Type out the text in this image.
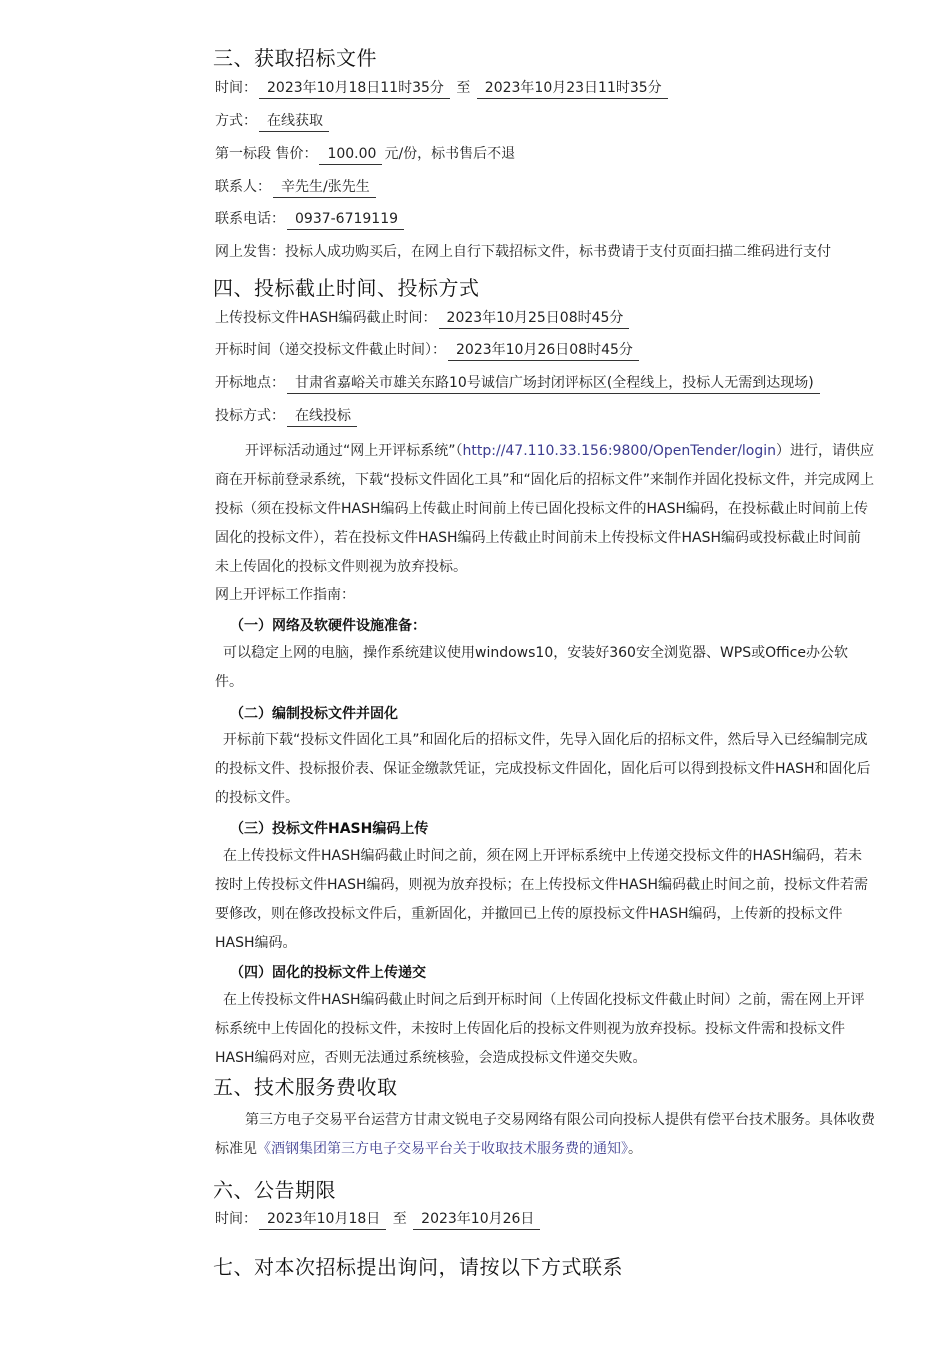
三、获取招标文件
时间： 2023年10月18日11时35分 至 2023年10月23日11时35分
方式： 在线获取
第一标段 售价： 100.00 元/份，标书售后不退
联系人： 辛先生/张先生
联系电话： 0937-6719119
网上发售：投标人成功购买后，在网上自行下载招标文件，标书费请于支付页面扫描二维码进行支付
四、投标截止时间、投标方式
上传投标文件HASH编码截止时间： 2023年10月25日08时45分
开标时间（递交投标文件截止时间）： 2023年10月26日08时45分
开标地点： 甘肃省嘉峪关市雄关东路10号诚信广场封闭评标区(全程线上，投标人无需到达现场)
投标方式： 在线投标

开评标活动通过“网上开评标系统”（http://47.110.33.156:9800/OpenTender/login）进行，请供应商在开标前登录系统，下载“投标文件固化工具”和“固化后的招标文件”来制作并固化投标文件，并完成网上投标（须在投标文件HASH编码上传截止时间前上传已固化投标文件的HASH编码，在投标截止时间前上传固化的投标文件），若在投标文件HASH编码上传截止时间前未上传投标文件HASH编码或投标截止时间前未上传固化的投标文件则视为放弃投标。

网上开评标工作指南：
（一）网络及软硬件设施准备：

可以稳定上网的电脑，操作系统建议使用windows10，安装好360安全浏览器、WPS或Office办公软件。

（二）编制投标文件并固化

开标前下载“投标文件固化工具”和固化后的招标文件，先导入固化后的招标文件，然后导入已经编制完成的投标文件、投标报价表、保证金缴款凭证，完成投标文件固化，固化后可以得到投标文件HASH和固化后的投标文件。

（三）投标文件HASH编码上传

在上传投标文件HASH编码截止时间之前，须在网上开评标系统中上传递交投标文件的HASH编码，若未按时上传投标文件HASH编码，则视为放弃投标；在上传投标文件HASH编码截止时间之前，投标文件若需要修改，则在修改投标文件后，重新固化，并撤回已上传的原投标文件HASH编码，上传新的投标文件HASH编码。

（四）固化的投标文件上传递交

在上传投标文件HASH编码截止时间之后到开标时间（上传固化投标文件截止时间）之前，需在网上开评标系统中上传固化的投标文件，未按时上传固化后的投标文件则视为放弃投标。投标文件需和投标文件HASH编码对应，否则无法通过系统核验，会造成投标文件递交失败。

五、技术服务费收取

第三方电子交易平台运营方甘肃文锐电子交易网络有限公司向投标人提供有偿平台技术服务。具体收费标准见《酒钢集团第三方电子交易平台关于收取技术服务费的通知》。

六、公告期限
时间： 2023年10月18日 至 2023年10月26日
七、对本次招标提出询问，请按以下方式联系
